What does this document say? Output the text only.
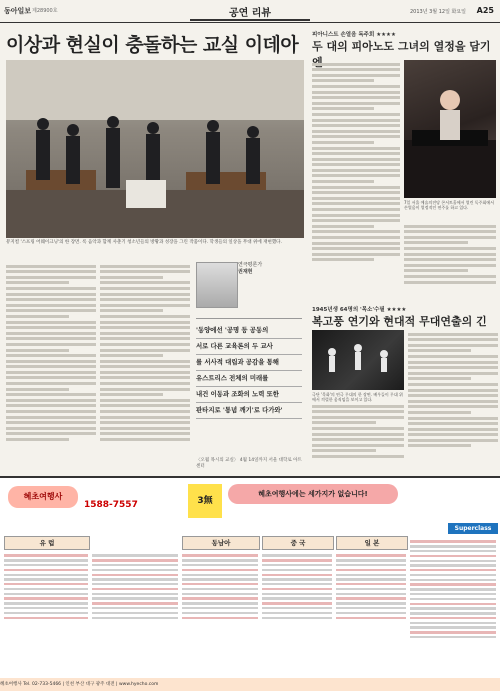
동아일보 제28900호	공연 리뷰	2013년 3월 12일 화요일 A25
이상과 현실이 충돌하는 교실 이데아
뮤지컬 '스프링 어웨이크닝'의 한 장면. 록 음악과 함께 사춘기 청소년들의 방황과 성장을 그린 작품이다. 학생들의 일상을 무대 위에 재현했다.
연극평론가
권재현
'동양에선 '공명 등 공동의
서로 다른 교육론의 두 교사
를 서사적 대립과 공감을 통해
유스트리스 전체의 미래를
내건 이동과 조화의 노력 또한
판타지로 '통념 깨기'로 다가와'
〈오월 목시의 교실〉 4월 14일까지 서울 대학로 아트센터
피아니스트 손열음 독주회 ★★★★
두 대의 피아노도 그녀의 열정을 담기
7일 서울 예술의전당 콘서트홀에서 열린 독주회에서 손열음이 열정적인 연주를 하고 있다.
1945년생 64명의 '목소'수필 ★★★★
복고풍 연기와 현대적 무대연출의 긴
극단 '목화'의 연극 무대의 한 장면. 배우들이 무대 위에서 격렬한 움직임을 보이고 있다.
혜초여행사
1588-7557	3無
혜초여행사에는 세가지가 없습니다!
Superclass
유 럽	동남아	중 국	일 본
혜초여행사 Tel. 02-733-5466 | 인천 부산 대구 광주 대전 | www.hyecho.com
